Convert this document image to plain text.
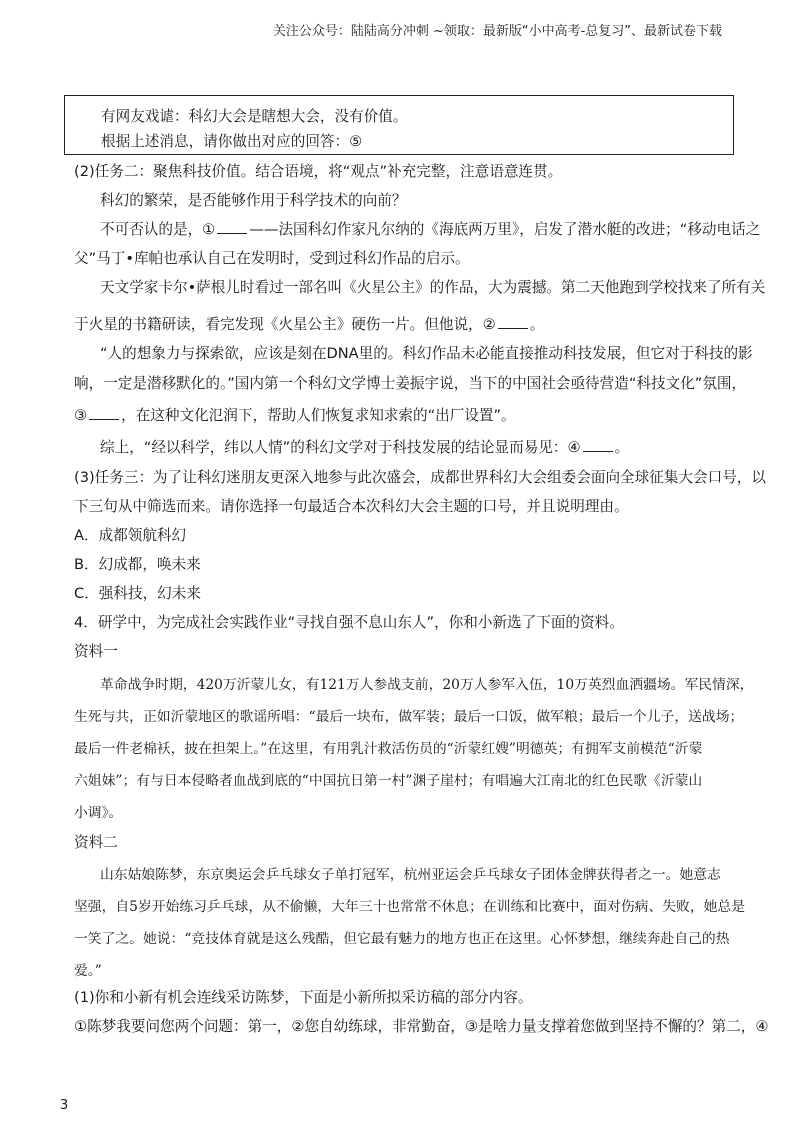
关注公众号：陆陆高分冲刺 ~领取：最新版“小中高考-总复习”、最新试卷下载
有网友戏谑：科幻大会是瞎想大会，没有价值。
根据上述消息，请你做出对应的回答：⑤
(2)任务二：聚焦科技价值。结合语境，将“观点”补充完整，注意语意连贯。
科幻的繁荣，是否能够作用于科学技术的向前？
不可否认的是，① ——法国科幻作家凡尔纳的《海底两万里》，启发了潜水艇的改进；“移动电话之
父”马丁•库帕也承认自己在发明时，受到过科幻作品的启示。
天文学家卡尔•萨根儿时看过一部名叫《火星公主》的作品，大为震撼。第二天他跑到学校找来了所有关
于火星的书籍研读，看完发现《火星公主》硬伤一片。但他说，② 。
“人的想象力与探索欲，应该是刻在DNA里的。科幻作品未必能直接推动科技发展，但它对于科技的影
响，一定是潜移默化的。”国内第一个科幻文学博士姜振宇说，当下的中国社会亟待营造“科技文化”氛围，
③ ，在这种文化氾润下，帮助人们恢复求知求索的“出厂设置”。
综上，“经以科学，纬以人情”的科幻文学对于科技发展的结论显而易见：④ 。
(3)任务三：为了让科幻迷朋友更深入地参与此次盛会，成都世界科幻大会组委会面向全球征集大会口号，以
下三句从中筛选而来。请你选择一句最适合本次科幻大会主题的口号，并且说明理由。
A．成都领航科幻
B．幻成都，唤未来
C．强科技，幻未来
4．研学中，为完成社会实践作业“寻找自强不息山东人”，你和小新选了下面的资料。
资料一
革命战争时期，420万沂蒙儿女，有121万人参战支前，20万人参军入伍，10万英烈血洒疆场。军民情深，
生死与共，正如沂蒙地区的歌谣所唱：“最后一块布，做军装；最后一口饭，做军粮；最后一个儿子，送战场；
最后一件老棉袄，披在担架上。”在这里，有用乳汁救活伤员的“沂蒙红嫂”明德英；有拥军支前模范“沂蒙
六姐妹”；有与日本侵略者血战到底的“中国抗日第一村”渊子崖村；有唱遍大江南北的红色民歌《沂蒙山
小调》。
资料二
山东姑娘陈梦，东京奥运会乒乓球女子单打冠军，杭州亚运会乒乓球女子团体金牌获得者之一。她意志
坚强，自5岁开始练习乒乓球，从不偷懒，大年三十也常常不休息；在训练和比赛中，面对伤病、失败，她总是
一笑了之。她说：“竞技体育就是这么残酷，但它最有魅力的地方也正在这里。心怀梦想，继续奔赴自己的热
爱。”
(1)你和小新有机会连线采访陈梦，下面是小新所拟采访稿的部分内容。
①陈梦我要问您两个问题：第一，②您自幼练球，非常勤奋，③是啥力量支撑着您做到坚持不懈的？第二，④
3
